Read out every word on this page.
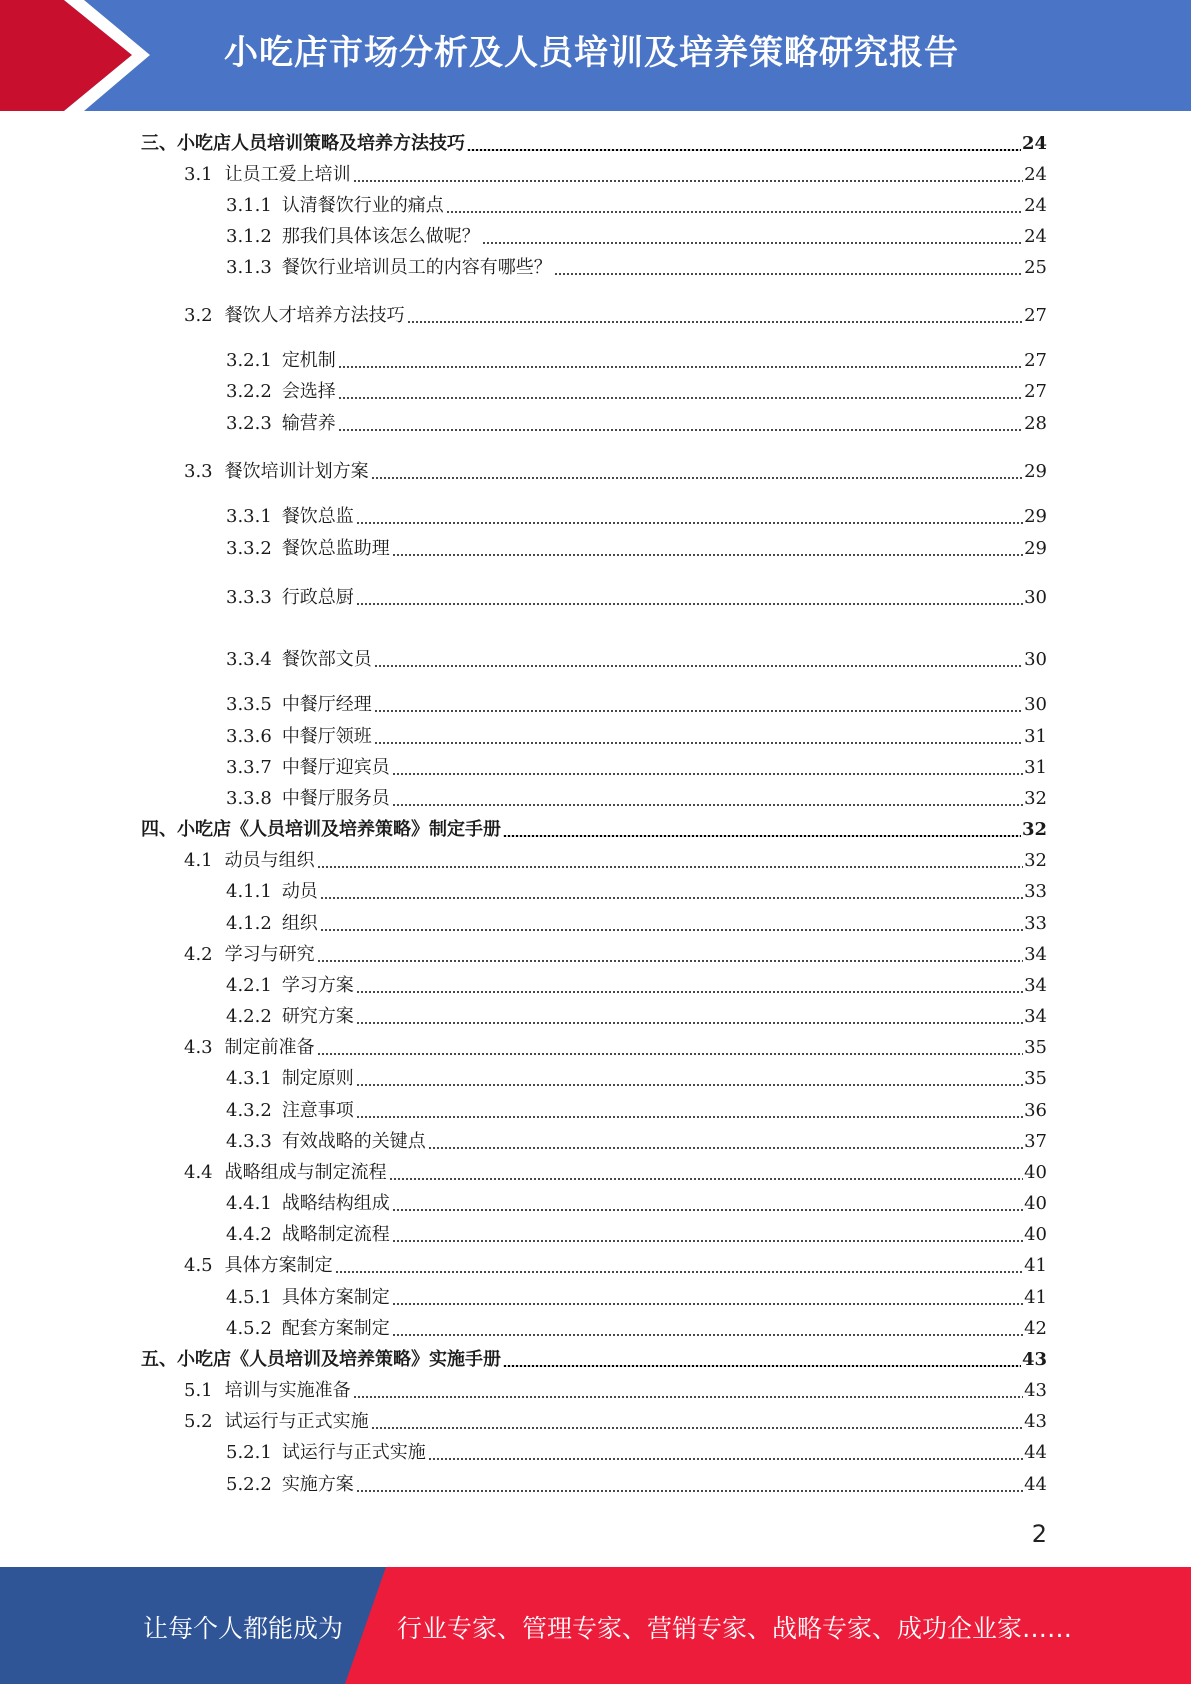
小吃店市场分析及人员培训及培养策略研究报告
三、小吃店人员培训策略及培养方法技巧	24
3.1 让员工爱上培训	24
3.1.1 认清餐饮行业的痛点	24
3.1.2 那我们具体该怎么做呢？	24
3.1.3 餐饮行业培训员工的内容有哪些？	25
3.2 餐饮人才培养方法技巧	27
3.2.1 定机制	27
3.2.2 会选择	27
3.2.3 输营养	28
3.3 餐饮培训计划方案	29
3.3.1 餐饮总监	29
3.3.2 餐饮总监助理	29
3.3.3 行政总厨	30
3.3.4 餐饮部文员	30
3.3.5 中餐厅经理	30
3.3.6 中餐厅领班	31
3.3.7 中餐厅迎宾员	31
3.3.8 中餐厅服务员	32
四、小吃店《人员培训及培养策略》制定手册	32
4.1 动员与组织	32
4.1.1 动员	33
4.1.2 组织	33
4.2 学习与研究	34
4.2.1 学习方案	34
4.2.2 研究方案	34
4.3 制定前准备	35
4.3.1 制定原则	35
4.3.2 注意事项	36
4.3.3 有效战略的关键点	37
4.4 战略组成与制定流程	40
4.4.1 战略结构组成	40
4.4.2 战略制定流程	40
4.5 具体方案制定	41
4.5.1 具体方案制定	41
4.5.2 配套方案制定	42
五、小吃店《人员培训及培养策略》实施手册	43
5.1 培训与实施准备	43
5.2 试运行与正式实施	43
5.2.1 试运行与正式实施	44
5.2.2 实施方案	44
2
让每个人都能成为 行业专家、管理专家、营销专家、战略专家、成功企业家……
